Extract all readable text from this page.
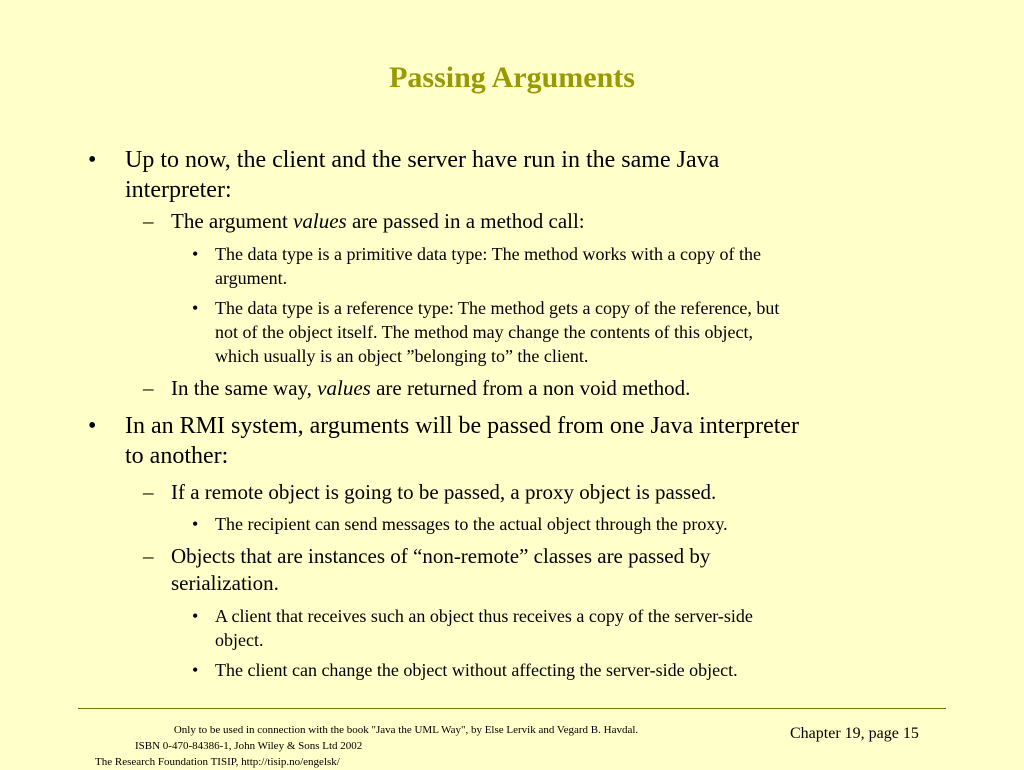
Passing Arguments
• Up to now, the client and the server have run in the same Java
interpreter:
– The argument values are passed in a method call:
• The data type is a primitive data type: The method works with a copy of the
argument.
• The data type is a reference type: The method gets a copy of the reference, but
not of the object itself. The method may change the contents of this object,
which usually is an object ”belonging to” the client.
– In the same way, values are returned from a non void method.
• In an RMI system, arguments will be passed from one Java interpreter
to another:
– If a remote object is going to be passed, a proxy object is passed.
• The recipient can send messages to the actual object through the proxy.
– Objects that are instances of “non-remote” classes are passed by
serialization.
• A client that receives such an object thus receives a copy of the server-side
object.
• The client can change the object without affecting the server-side object.
Only to be used in connection with the book "Java the UML Way", by Else Lervik and Vegard B. Havdal.
ISBN 0-470-84386-1, John Wiley & Sons Ltd 2002The Research Foundation TISIP, http://tisip.no/engelsk/
Chapter 19, page 15
